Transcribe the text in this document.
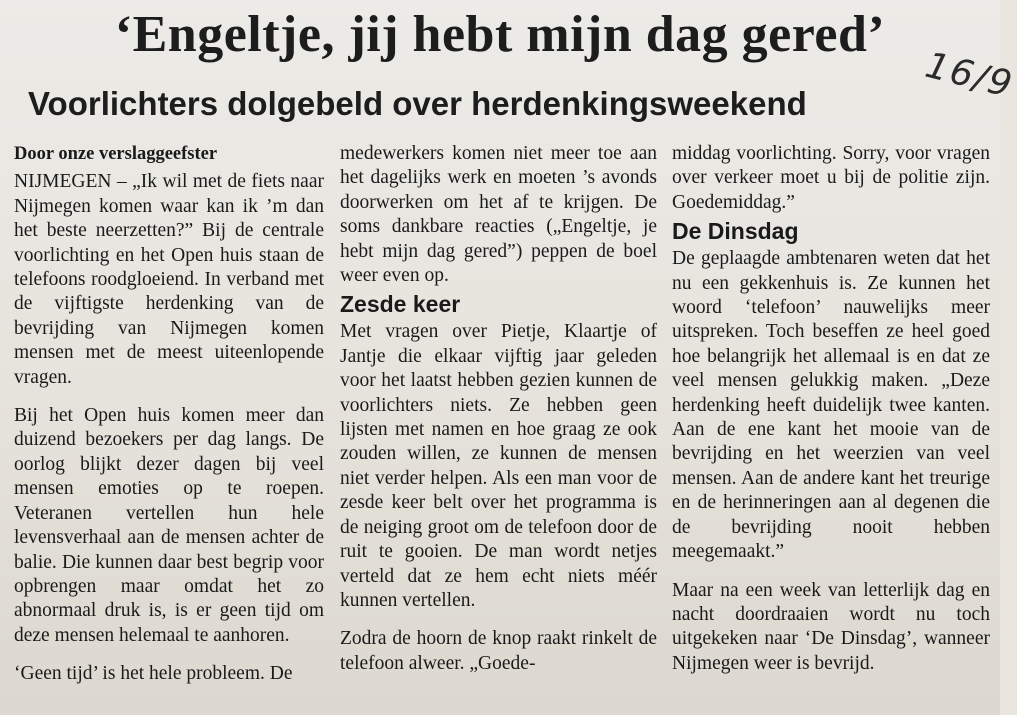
‘Engeltje, jij hebt mijn dag gered’
Voorlichters dolgebeld over herdenkingsweekend	16/9

Door onze verslaggeefster

NIJMEGEN – „Ik wil met de fiets naar Nijmegen komen waar kan ik ’m dan het beste neerzetten?” Bij de centrale voorlichting en het Open huis staan de telefoons roodgloeiend. In verband met de vijftigste herdenking van de bevrijding van Nijmegen komen mensen met de meest uiteenlopende vragen.

Bij het Open huis komen meer dan duizend bezoekers per dag langs. De oorlog blijkt dezer dagen bij veel mensen emoties op te roepen. Veteranen vertellen hun hele levensverhaal aan de mensen achter de balie. Die kunnen daar best begrip voor opbrengen maar omdat het zo abnormaal druk is, is er geen tijd om deze mensen helemaal te aanhoren.

‘Geen tijd’ is het hele probleem. De

medewerkers komen niet meer toe aan het dagelijks werk en moeten ’s avonds doorwerken om het af te krijgen. De soms dankbare reacties („Engeltje, je hebt mijn dag gered”) peppen de boel weer even op.

Zesde keer

Met vragen over Pietje, Klaartje of Jantje die elkaar vijftig jaar geleden voor het laatst hebben gezien kunnen de voorlichters niets. Ze hebben geen lijsten met namen en hoe graag ze ook zouden willen, ze kunnen de mensen niet verder helpen. Als een man voor de zesde keer belt over het programma is de neiging groot om de telefoon door de ruit te gooien. De man wordt netjes verteld dat ze hem echt niets méér kunnen vertellen.

Zodra de hoorn de knop raakt rinkelt de telefoon alweer. „Goede-

middag voorlichting. Sorry, voor vragen over verkeer moet u bij de politie zijn. Goedemiddag.”

De Dinsdag

De geplaagde ambtenaren weten dat het nu een gekkenhuis is. Ze kunnen het woord ‘telefoon’ nauwelijks meer uitspreken. Toch beseffen ze heel goed hoe belangrijk het allemaal is en dat ze veel mensen gelukkig maken. „Deze herdenking heeft duidelijk twee kanten. Aan de ene kant het mooie van de bevrijding en het weerzien van veel mensen. Aan de andere kant het treurige en de herinneringen aan al degenen die de bevrijding nooit hebben meegemaakt.”

Maar na een week van letterlijk dag en nacht doordraaien wordt nu toch uitgekeken naar ‘De Dinsdag’, wanneer Nijmegen weer is bevrijd.
